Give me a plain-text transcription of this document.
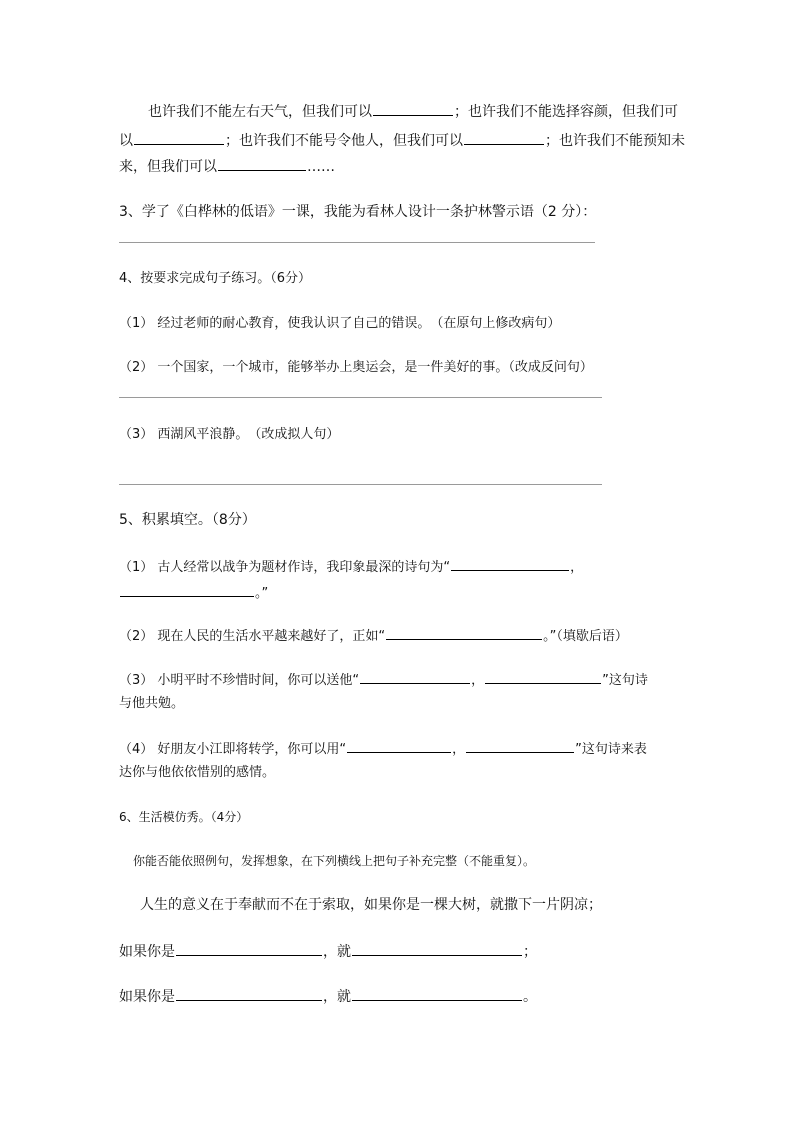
也许我们不能左右天气，但我们可以	；也许我们不能选择容颜，但我们可
以	；也许我们不能号令他人，但我们可以	；也许我们不能预知未
来，但我们可以	……
3、学了《白桦林的低语》一课，我能为看林人设计一条护林警示语（2 分）：
4、按要求完成句子练习。（6分）
（1） 经过老师的耐心教育，使我认识了自己的错误。　（在原句上修改病句）
（2） 一个国家，一个城市，能够举办上奥运会，是一件美好的事。（改成反问句）
（3） 西湖风平浪静。　（改成拟人句）
5、积累填空。（8分）
（1） 古人经常以战争为题材作诗，我印象最深的诗句为“	，
。”
（2） 现在人民的生活水平越来越好了，正如“	。”（填歇后语）
（3） 小明平时不珍惜时间，你可以送他“	，	”这句诗
与他共勉。
（4） 好朋友小江即将转学，你可以用“	，	”这句诗来表
达你与他依依惜别的感情。
6、生活模仿秀。（4分）
你能否能依照例句，发挥想象，在下列横线上把句子补充完整（不能重复）。
人生的意义在于奉献而不在于索取，如果你是一棵大树，就撒下一片阴凉；
如果你是	，就	；
如果你是	，就	。
